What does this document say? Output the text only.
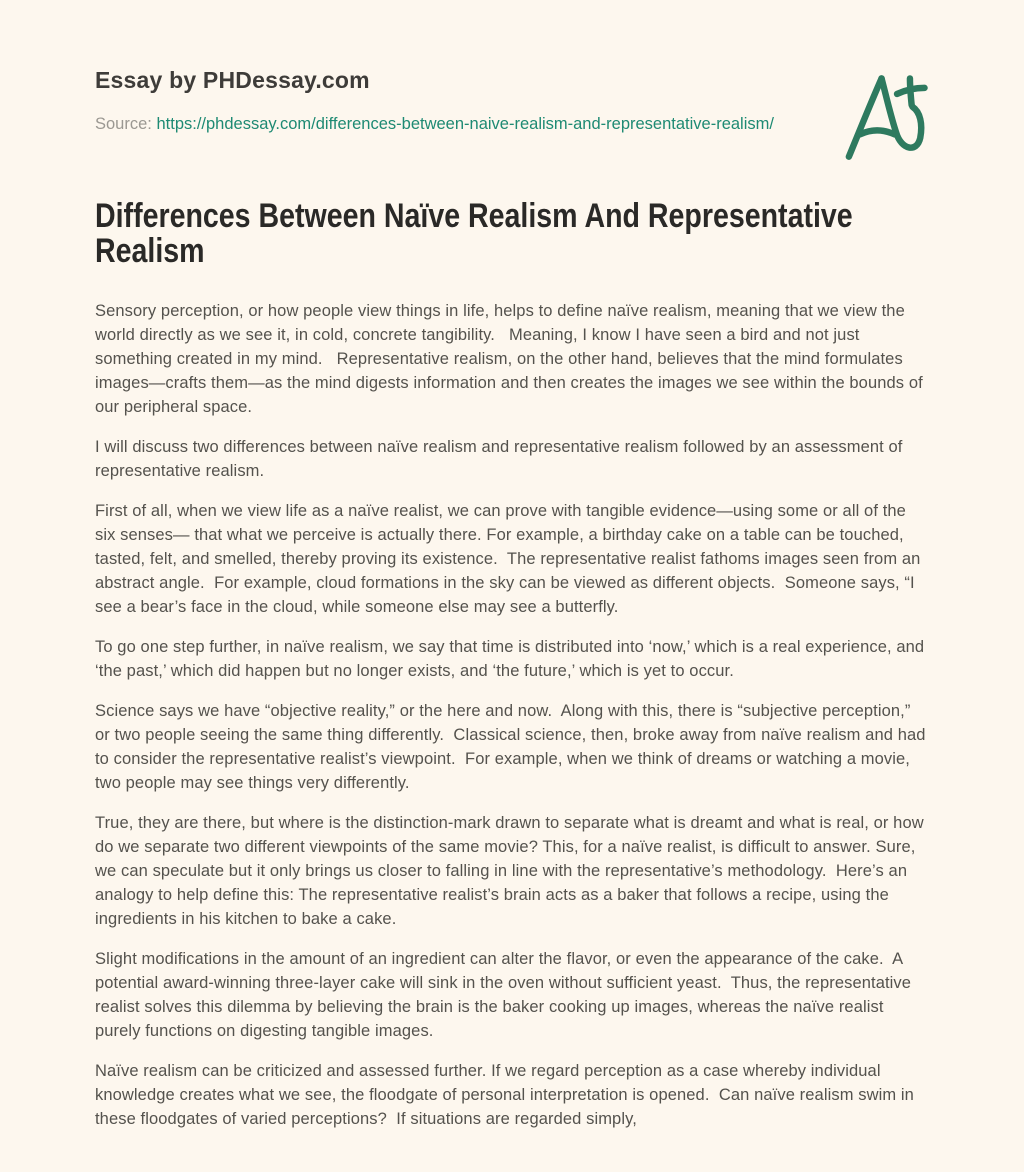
Essay by PHDessay.com

Source: https://phdessay.com/differences-between-naive-realism-and-representative-realism/

Differences Between Naïve Realism And Representative
Realism

Sensory perception, or how people view things in life, helps to define naïve realism, meaning that we view the world directly as we see it, in cold, concrete tangibility.   Meaning, I know I have seen a bird and not just something created in my mind.   Representative realism, on the other hand, believes that the mind formulates images—crafts them—as the mind digests information and then creates the images we see within the bounds of our peripheral space.

I will discuss two differences between naïve realism and representative realism followed by an assessment of representative realism.

First of all, when we view life as a naïve realist, we can prove with tangible evidence—using some or all of the six senses— that what we perceive is actually there. For example, a birthday cake on a table can be touched, tasted, felt, and smelled, thereby proving its existence.  The representative realist fathoms images seen from an abstract angle.  For example, cloud formations in the sky can be viewed as different objects.  Someone says, “I see a bear’s face in the cloud, while someone else may see a butterfly.

To go one step further, in naïve realism, we say that time is distributed into ‘now,’ which is a real experience, and ‘the past,’ which did happen but no longer exists, and ‘the future,’ which is yet to occur.

Science says we have “objective reality,” or the here and now.  Along with this, there is “subjective perception,” or two people seeing the same thing differently.  Classical science, then, broke away from naïve realism and had to consider the representative realist’s viewpoint.  For example, when we think of dreams or watching a movie, two people may see things very differently.

True, they are there, but where is the distinction-mark drawn to separate what is dreamt and what is real, or how do we separate two different viewpoints of the same movie? This, for a naïve realist, is difficult to answer. Sure, we can speculate but it only brings us closer to falling in line with the representative’s methodology.  Here’s an analogy to help define this: The representative realist’s brain acts as a baker that follows a recipe, using the ingredients in his kitchen to bake a cake.

Slight modifications in the amount of an ingredient can alter the flavor, or even the appearance of the cake.  A potential award-winning three-layer cake will sink in the oven without sufficient yeast.  Thus, the representative realist solves this dilemma by believing the brain is the baker cooking up images, whereas the naïve realist purely functions on digesting tangible images.

Naïve realism can be criticized and assessed further. If we regard perception as a case whereby individual knowledge creates what we see, the floodgate of personal interpretation is opened.  Can naïve realism swim in these floodgates of varied perceptions?  If situations are regarded simply,
